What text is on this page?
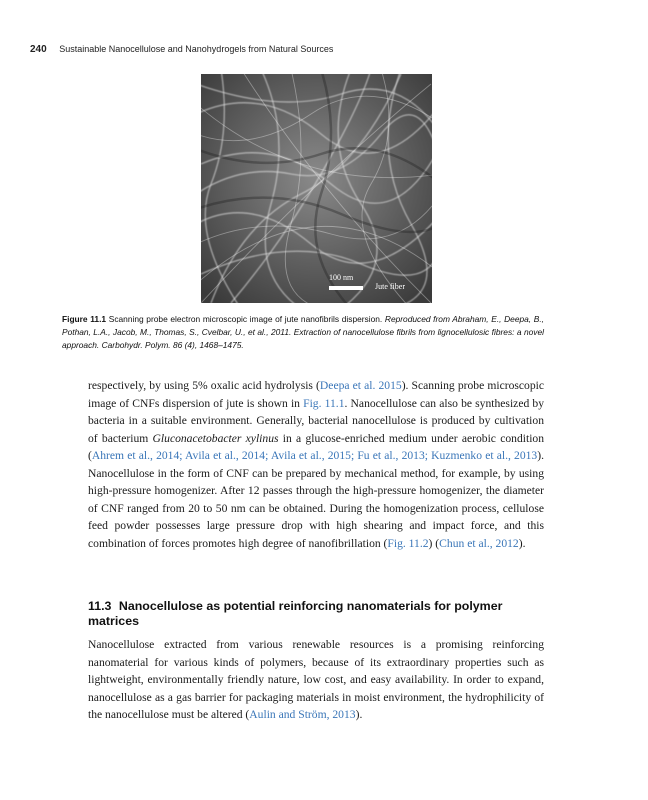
240 Sustainable Nanocellulose and Nanohydrogels from Natural Sources
100 nm
Jute fiber
Figure 11.1 Scanning probe electron microscopic image of jute nanofibrils dispersion. Reproduced from Abraham, E., Deepa, B., Pothan, L.A., Jacob, M., Thomas, S., Cvelbar, U., et al., 2011. Extraction of nanocellulose fibrils from lignocellulosic fibres: a novel approach. Carbohydr. Polym. 86 (4), 1468–1475.
respectively, by using 5% oxalic acid hydrolysis (Deepa et al. 2015). Scanning probe microscopic image of CNFs dispersion of jute is shown in Fig. 11.1. Nanocellulose can also be synthesized by bacteria in a suitable environment. Generally, bacterial nanocellulose is produced by cultivation of bacterium Gluconacetobacter xylinus in a glucose-enriched medium under aerobic condition (Ahrem et al., 2014; Avila et al., 2014; Avila et al., 2015; Fu et al., 2013; Kuzmenko et al., 2013). Nanocellulose in the form of CNF can be prepared by mechanical method, for example, by using high-pressure homogenizer. After 12 passes through the high-pressure homogenizer, the diameter of CNF ranged from 20 to 50 nm can be obtained. During the homogenization process, cellulose feed powder possesses large pressure drop with high shearing and impact force, and this combination of forces promotes high degree of nanofibrillation (Fig. 11.2) (Chun et al., 2012).
11.3 Nanocellulose as potential reinforcing nanomaterials for polymer matrices
Nanocellulose extracted from various renewable resources is a promising reinforcing nanomaterial for various kinds of polymers, because of its extraordinary properties such as lightweight, environmentally friendly nature, low cost, and easy availability. In order to expand, nanocellulose as a gas barrier for packaging materials in moist environment, the hydrophilicity of the nanocellulose must be altered (Aulin and Ström, 2013).
